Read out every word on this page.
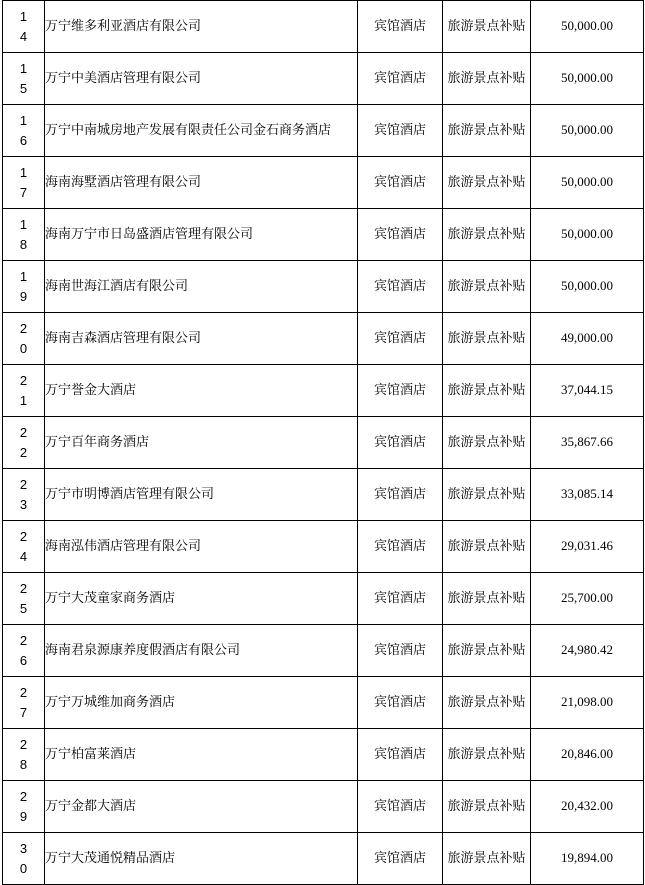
14	万宁维多利亚酒店有限公司	宾馆酒店	旅游景点补贴	50,000.00

15	万宁中美酒店管理有限公司	宾馆酒店	旅游景点补贴	50,000.00

16	万宁中南城房地产发展有限责任公司金石商务酒店	宾馆酒店	旅游景点补贴	50,000.00

17	海南海墅酒店管理有限公司	宾馆酒店	旅游景点补贴	50,000.00

18	海南万宁市日岛盛酒店管理有限公司	宾馆酒店	旅游景点补贴	50,000.00

19	海南世海江酒店有限公司	宾馆酒店	旅游景点补贴	50,000.00

20	海南吉森酒店管理有限公司	宾馆酒店	旅游景点补贴	49,000.00

21	万宁誉金大酒店	宾馆酒店	旅游景点补贴	37,044.15

22	万宁百年商务酒店	宾馆酒店	旅游景点补贴	35,867.66

23	万宁市明博酒店管理有限公司	宾馆酒店	旅游景点补贴	33,085.14

24	海南泓伟酒店管理有限公司	宾馆酒店	旅游景点补贴	29,031.46

25	万宁大茂童家商务酒店	宾馆酒店	旅游景点补贴	25,700.00

26	海南君泉源康养度假酒店有限公司	宾馆酒店	旅游景点补贴	24,980.42

27	万宁万城维加商务酒店	宾馆酒店	旅游景点补贴	21,098.00

28	万宁柏富莱酒店	宾馆酒店	旅游景点补贴	20,846.00

29	万宁金都大酒店	宾馆酒店	旅游景点补贴	20,432.00

30	万宁大茂通悦精品酒店	宾馆酒店	旅游景点补贴	19,894.00
